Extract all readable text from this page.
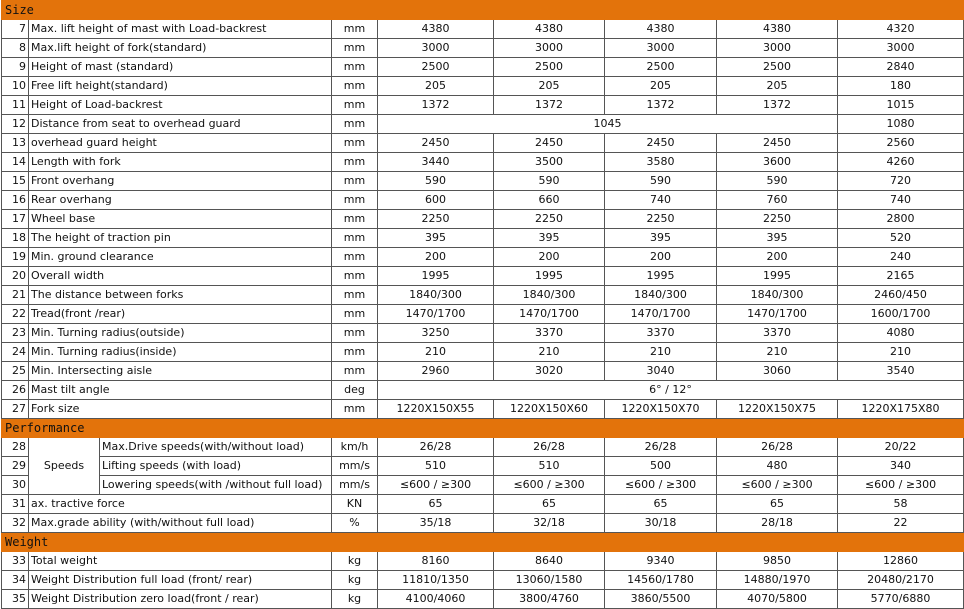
Size								
7	Max. lift height of mast with Load-backrest		mm	4380	4380	4380	4380	4320
8	Max.lift height of fork(standard)		mm	3000	3000	3000	3000	3000
9	Height of mast (standard)		mm	2500	2500	2500	2500	2840
10	Free lift height(standard)		mm	205	205	205	205	180
11	Height of Load-backrest		mm	1372	1372	1372	1372	1015
12	Distance from seat to overhead guard		mm	1045				1080
13	overhead guard height		mm	2450	2450	2450	2450	2560
14	Length with fork		mm	3440	3500	3580	3600	4260
15	Front overhang		mm	590	590	590	590	720
16	Rear overhang		mm	600	660	740	760	740
17	Wheel base		mm	2250	2250	2250	2250	2800
18	The height of traction pin		mm	395	395	395	395	520
19	Min. ground clearance		mm	200	200	200	200	240
20	Overall width		mm	1995	1995	1995	1995	2165
21	The distance between forks		mm	1840/300	1840/300	1840/300	1840/300	2460/450
22	Tread(front /rear)		mm	1470/1700	1470/1700	1470/1700	1470/1700	1600/1700
23	Min. Turning radius(outside)		mm	3250	3370	3370	3370	4080
24	Min. Turning radius(inside)		mm	210	210	210	210	210
25	Min. Intersecting aisle		mm	2960	3020	3040	3060	3540
26	Mast tilt angle		deg	6° / 12°				
27	Fork size		mm	1220X150X55	1220X150X60	1220X150X70	1220X150X75	1220X175X80
Performance								
28	Speeds	Max.Drive speeds(with/without load)	km/h	26/28	26/28	26/28	26/28	20/22
29		Lifting speeds (with load)	mm/s	510	510	500	480	340
30		Lowering speeds(with /without full load)	mm/s	≤600 / ≥300	≤600 / ≥300	≤600 / ≥300	≤600 / ≥300	≤600 / ≥300
31	ax. tractive force		KN	65	65	65	65	58
32	Max.grade ability (with/without full load)		%	35/18	32/18	30/18	28/18	22
Weight								
33	Total weight		kg	8160	8640	9340	9850	12860
34	Weight Distribution full load (front/ rear)		kg	11810/1350	13060/1580	14560/1780	14880/1970	20480/2170
35	Weight Distribution zero load(front / rear)		kg	4100/4060	3800/4760	3860/5500	4070/5800	5770/6880
